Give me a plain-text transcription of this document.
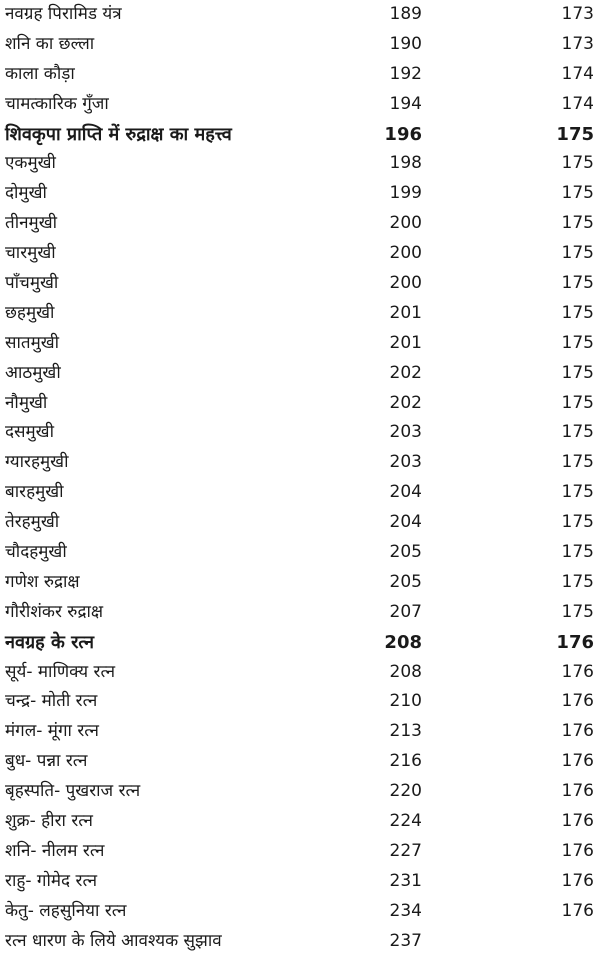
नवग्रह पिरामिड यंत्र	189	173
शनि का छल्ला	190	173
काला कौड़ा	192	174
चामत्कारिक गुँजा	194	174
शिवकृपा प्राप्ति में रुद्राक्ष का महत्त्व	196	175
एकमुखी	198	175
दोमुखी	199	175
तीनमुखी	200	175
चारमुखी	200	175
पाँचमुखी	200	175
छहमुखी	201	175
सातमुखी	201	175
आठमुखी	202	175
नौमुखी	202	175
दसमुखी	203	175
ग्यारहमुखी	203	175
बारहमुखी	204	175
तेरहमुखी	204	175
चौदहमुखी	205	175
गणेश रुद्राक्ष	205	175
गौरीशंकर रुद्राक्ष	207	175
नवग्रह के रत्न	208	176
सूर्य- माणिक्य रत्न	208	176
चन्द्र- मोती रत्न	210	176
मंगल- मूंगा रत्न	213	176
बुध- पन्ना रत्न	216	176
बृहस्पति- पुखराज रत्न	220	176
शुक्र- हीरा रत्न	224	176
शनि- नीलम रत्न	227	176
राहु- गोमेद रत्न	231	176
केतु- लहसुनिया रत्न	234	176
रत्न धारण के लिये आवश्यक सुझाव	237
